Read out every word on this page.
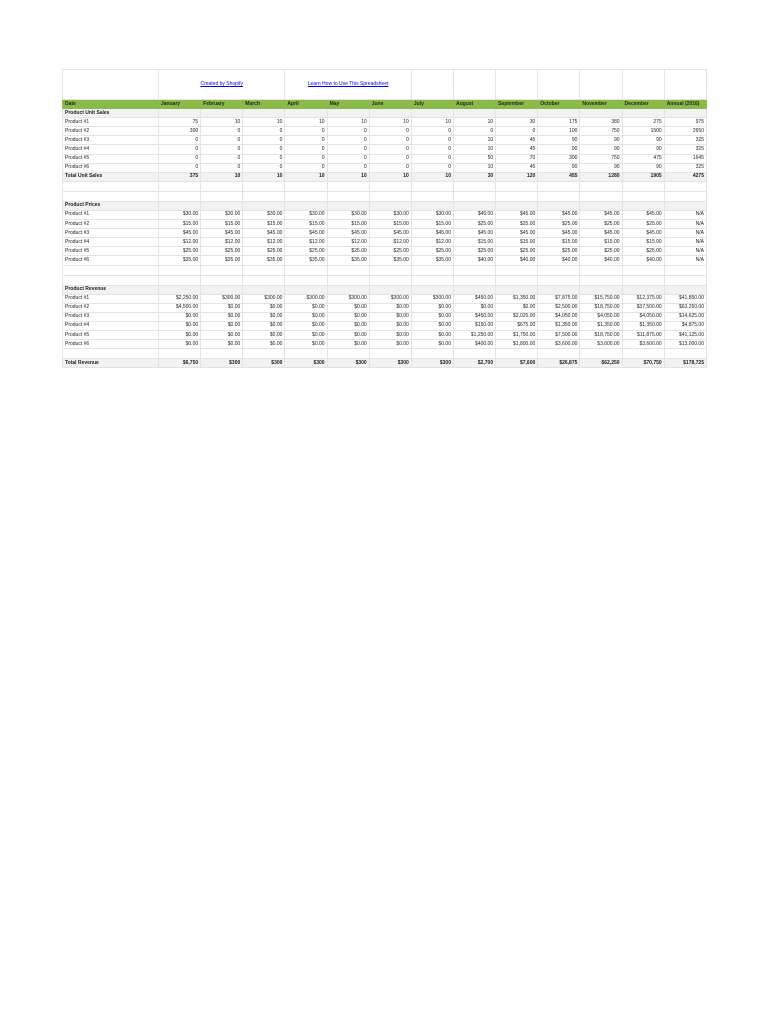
	Created by Shopify			Learn How to Use This Spreadsheet									
Date	January	February	March	April	May	June	July	August	September	October	November	December	Annual (2016)
Product Unit Sales													
Product #1	75	10	10	10	10	10	10	10	30	175	380	275	975
Product #2	300	0	0	0	0	0	0	0	0	100	750	1500	2650
Product #3	0	0	0	0	0	0	0	10	45	90	90	90	325
Product #4	0	0	0	0	0	0	0	10	45	90	90	90	325
Product #5	0	0	0	0	0	0	0	50	70	300	750	475	1645
Product #6	0	0	0	0	0	0	0	10	45	90	90	90	325
Total Unit Sales	375	10	10	10	10	10	10	30	120	455	1280	1905	4275

Product Prices													
Product #1	$30.00	$30.00	$30.00	$30.00	$30.00	$30.00	$30.00	$45.00	$45.00	$45.00	$45.00	$45.00	N/A
Product #2	$15.00	$15.00	$15.00	$15.00	$15.00	$15.00	$15.00	$25.00	$25.00	$25.00	$25.00	$25.00	N/A
Product #3	$45.00	$45.00	$45.00	$45.00	$45.00	$45.00	$45.00	$45.00	$45.00	$45.00	$45.00	$45.00	N/A
Product #4	$12.00	$12.00	$12.00	$12.00	$12.00	$12.00	$12.00	$15.00	$15.00	$15.00	$15.00	$15.00	N/A
Product #5	$25.00	$25.00	$25.00	$25.00	$25.00	$25.00	$25.00	$25.00	$25.00	$25.00	$25.00	$25.00	N/A
Product #6	$35.00	$35.00	$35.00	$35.00	$35.00	$35.00	$35.00	$40.00	$40.00	$40.00	$40.00	$40.00	N/A

Product Revenue													
Product #1	$2,250.00	$300.00	$300.00	$300.00	$300.00	$300.00	$300.00	$450.00	$1,350.00	$7,875.00	$15,750.00	$12,375.00	$41,850.00
Product #2	$4,500.00	$0.00	$0.00	$0.00	$0.00	$0.00	$0.00	$0.00	$0.00	$2,500.00	$18,750.00	$37,500.00	$63,250.00
Product #3	$0.00	$0.00	$0.00	$0.00	$0.00	$0.00	$0.00	$450.00	$2,025.00	$4,050.00	$4,050.00	$4,050.00	$14,625.00
Product #4	$0.00	$0.00	$0.00	$0.00	$0.00	$0.00	$0.00	$150.00	$675.00	$1,350.00	$1,350.00	$1,350.00	$4,875.00
Product #5	$0.00	$0.00	$0.00	$0.00	$0.00	$0.00	$0.00	$1,250.00	$1,750.00	$7,500.00	$18,750.00	$11,875.00	$41,125.00
Product #6	$0.00	$0.00	$0.00	$0.00	$0.00	$0.00	$0.00	$400.00	$1,800.00	$3,600.00	$3,600.00	$3,600.00	$13,000.00

Total Revenue	$6,750	$300	$300	$300	$300	$300	$300	$2,700	$7,600	$26,875	$62,250	$70,750	$178,725
